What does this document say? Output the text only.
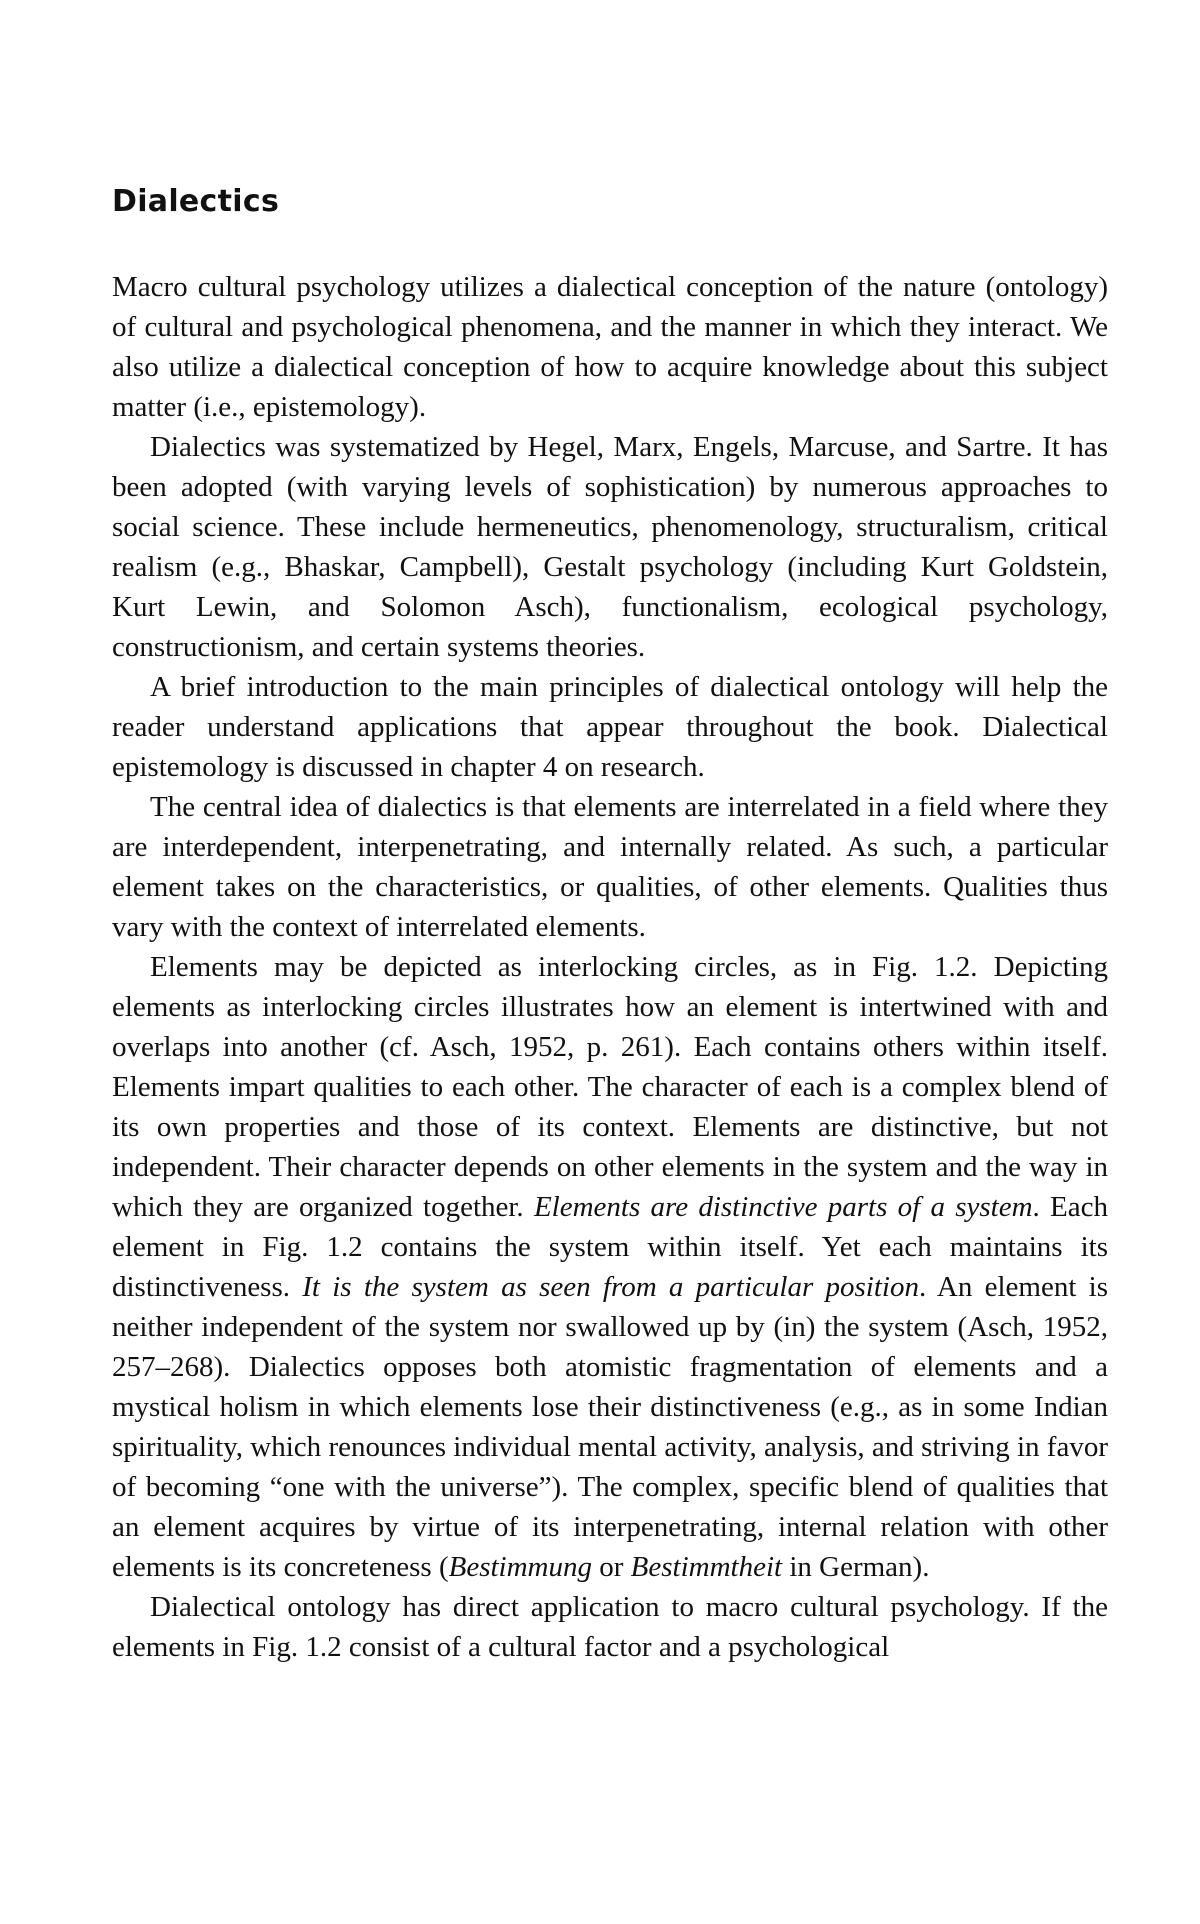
Dialectics

Macro cultural psychology utilizes a dialectical conception of the nature (ontology) of cultural and psychological phenomena, and the manner in which they interact. We also utilize a dialectical conception of how to acquire knowledge about this subject matter (i.e., epistemology).

Dialectics was systematized by Hegel, Marx, Engels, Marcuse, and Sartre. It has been adopted (with varying levels of sophistication) by numerous approaches to social science. These include hermeneutics, phenomenology, structuralism, critical realism (e.g., Bhaskar, Campbell), Gestalt psychology (including Kurt Goldstein, Kurt Lewin, and Solomon Asch), functionalism, ecological psychology, constructionism, and certain systems theories.

A brief introduction to the main principles of dialectical ontology will help the reader understand applications that appear throughout the book. Dialectical epistemology is discussed in chapter 4 on research.

The central idea of dialectics is that elements are interrelated in a field where they are interdependent, interpenetrating, and internally related. As such, a particular element takes on the characteristics, or qualities, of other elements. Qualities thus vary with the context of interrelated elements.

Elements may be depicted as interlocking circles, as in Fig. 1.2. Depicting elements as interlocking circles illustrates how an element is intertwined with and overlaps into another (cf. Asch, 1952, p. 261). Each contains others within itself. Elements impart qualities to each other. The character of each is a complex blend of its own properties and those of its context. Elements are distinctive, but not independent. Their character depends on other elements in the system and the way in which they are organized together. Elements are distinctive parts of a system. Each element in Fig. 1.2 contains the system within itself. Yet each maintains its distinctiveness. It is the system as seen from a particular position. An element is neither independent of the system nor swallowed up by (in) the system (Asch, 1952, 257–268). Dialectics opposes both atomistic fragmentation of elements and a mystical holism in which elements lose their distinctiveness (e.g., as in some Indian spirituality, which renounces individual mental activity, analysis, and striving in favor of becoming “one with the universe”). The complex, specific blend of qualities that an element acquires by virtue of its interpenetrating, internal relation with other elements is its concreteness (Bestimmung or Bestimmtheit in German).

Dialectical ontology has direct application to macro cultural psychology. If the elements in Fig. 1.2 consist of a cultural factor and a psychological
